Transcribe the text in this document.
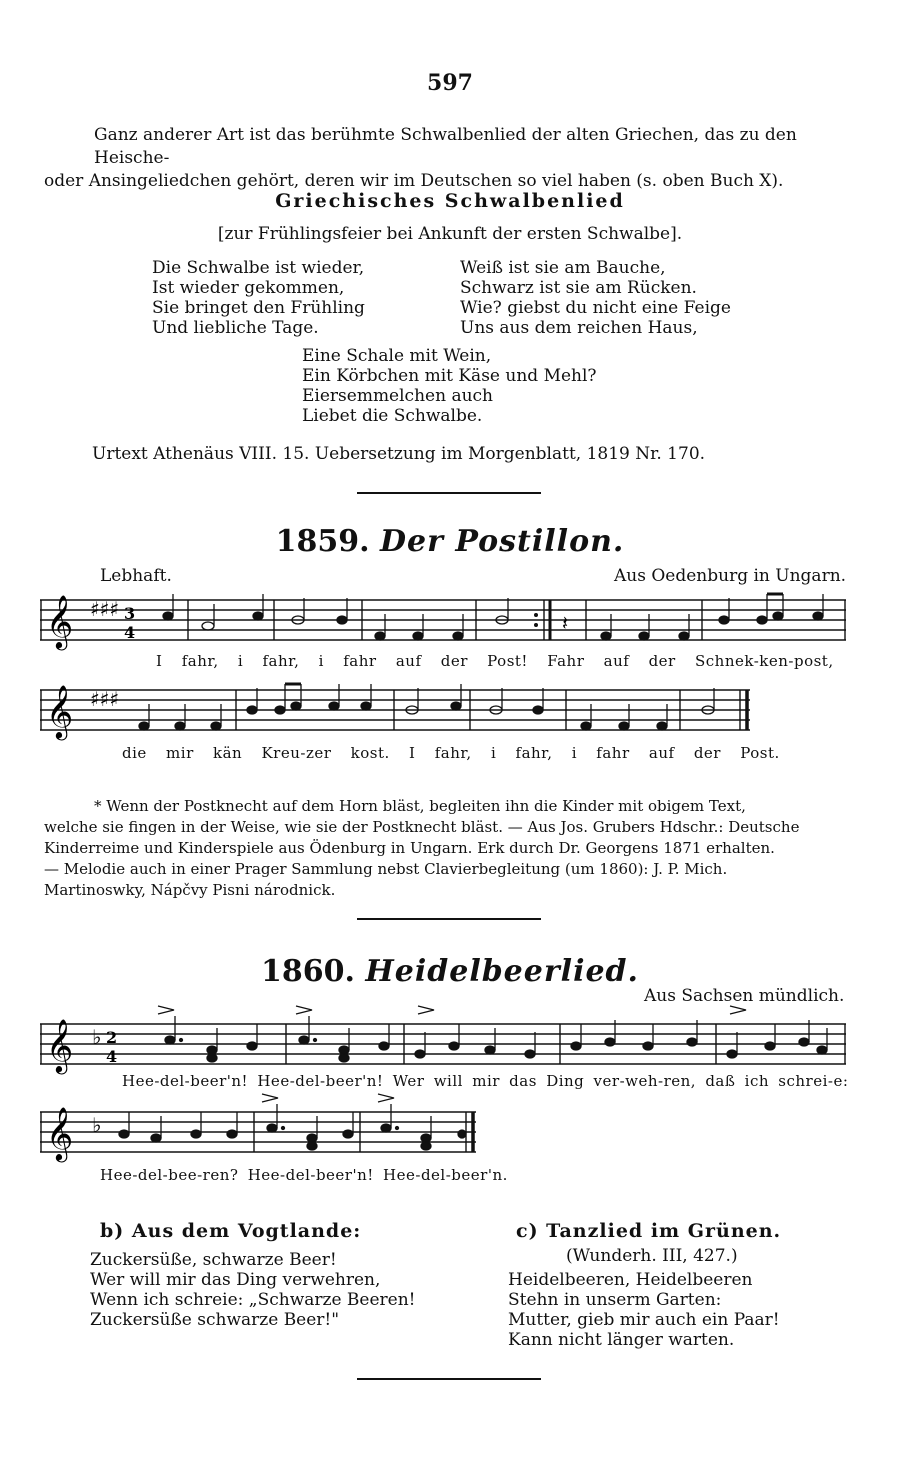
597
Ganz anderer Art ist das berühmte Schwalbenlied der alten Griechen, das zu den Heische-
oder Ansingeliedchen gehört, deren wir im Deutschen so viel haben (s. oben Buch X).
Griechisches Schwalbenlied
[zur Frühlingsfeier bei Ankunft der ersten Schwalbe].
Die Schwalbe ist wieder,
Ist wieder gekommen,
Sie bringet den Frühling
Und liebliche Tage.
Weiß ist sie am Bauche,
Schwarz ist sie am Rücken.
Wie? giebst du nicht eine Feige
Uns aus dem reichen Haus,
Eine Schale mit Wein,
Ein Körbchen mit Käse und Mehl?
Eiersemmelchen auch
Liebet die Schwalbe.
Urtext Athenäus VIII. 15. Uebersetzung im Morgenblatt, 1819 Nr. 170.
1859. Der Postillon.
Lebhaft.	Aus Oedenburg in Ungarn.
𝄞 ♯♯♯ 3
4	𝄽
I fahr, i fahr, i fahr auf der Post! Fahr auf der Schnek-ken-post,
𝄞 ♯♯♯
die mir kän Kreu-zer kost. I fahr, i fahr, i fahr auf der Post.
* Wenn der Postknecht auf dem Horn bläst, begleiten ihn die Kinder mit obigem Text,
welche sie fingen in der Weise, wie sie der Postknecht bläst. — Aus Jos. Grubers Hdschr.: Deutsche
Kinderreime und Kinderspiele aus Ödenburg in Ungarn. Erk durch Dr. Georgens 1871 erhalten.
— Melodie auch in einer Prager Sammlung nebst Clavierbegleitung (um 1860): J. P. Mich.
Martinoswky, Nápčvy Pisni národnick.
1860. Heidelbeerlied.
Aus Sachsen mündlich.
𝄞 ♭ 2
4
Hee-del-beer'n! Hee-del-beer'n! Wer will mir das Ding ver-weh-ren, daß ich schrei-e:
𝄞 ♭
Hee-del-bee-ren? Hee-del-beer'n! Hee-del-beer'n.
b) Aus dem Vogtlande:
Zuckersüße, schwarze Beer!
Wer will mir das Ding verwehren,
Wenn ich schreie: „Schwarze Beeren!
Zuckersüße schwarze Beer!"
c) Tanzlied im Grünen.
(Wunderh. III, 427.)
Heidelbeeren, Heidelbeeren
Stehn in unserm Garten:
Mutter, gieb mir auch ein Paar!
Kann nicht länger warten.
